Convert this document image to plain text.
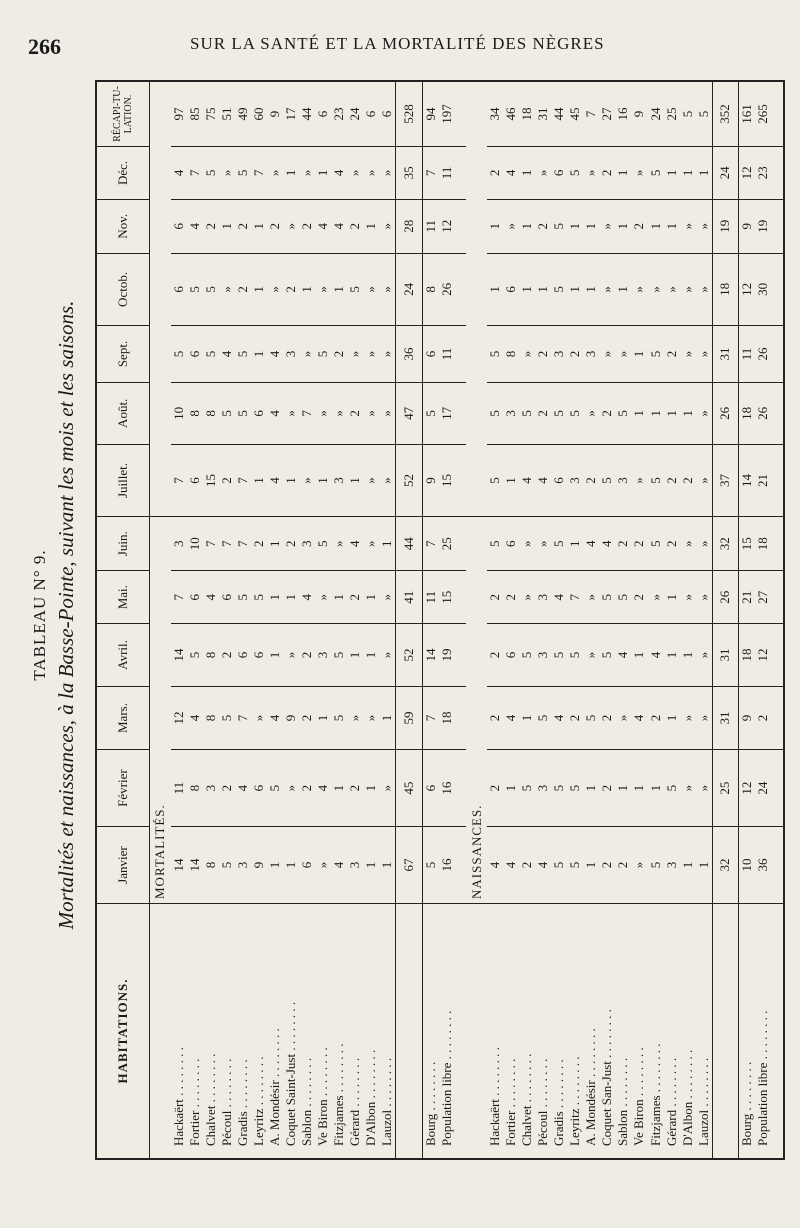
266	SUR LA SANTÉ ET LA MORTALITÉ DES NÈGRES
TABLEAU N° 9. Mortalités et naissances, à la Basse-Pointe, suivant les mois et les saisons.
HABITATIONS.	Janvier	Février	Mars.	Avril.	Mai.	Juin.	Juillet.	Août.	Sept.	Octob.	Nov.	Déc.	RÉCAPI-TU-LATION.
	MORTALITÉS.												
Hackaërt . . . . . . . .	14	11	12	14	7	3	7	10	5	6	6	4	97
Fortier . . . . . . . .	14	8	4	5	6	10	6	8	6	5	4	7	85
Chalvet . . . . . . . .	8	3	8	8	4	7	15	8	5	5	2	5	75
Pécoul . . . . . . . .	5	2	5	2	6	7	2	5	4	»	1	»	51
Gradis . . . . . . . .	3	4	7	6	5	7	7	5	5	2	2	5	49
Leyritz . . . . . . . .	9	6	»	6	5	2	1	6	1	1	1	7	60
A. Mondésir . . . . . . . .	1	5	4	1	1	1	4	4	4	»	2	»	9
Coquet Saint-Just . . . . . . . .	1	»	9	»	1	2	1	»	3	2	»	1	17
Sablon . . . . . . . .	6	2	2	2	4	3	»	7	»	1	2	»	44
Ve Biron . . . . . . . .	»	4	1	3	»	5	1	»	5	»	4	1	6
Fitzjames . . . . . . . .	4	1	5	5	1	»	3	»	2	1	4	4	23
Gérard . . . . . . . .	3	2	»	1	2	4	1	2	»	5	2	»	24
D'Albon . . . . . . . .	1	1	»	1	1	»	»	»	»	»	1	»	6
Lauzol . . . . . . . .	1	»	1	»	»	1	»	»	»	»	»	»	6
	67	45	59	52	41	44	52	47	36	24	28	35	528
Bourg . . . . . . . .	5	6	7	14	11	7	9	5	6	8	11	7	94
Population libre . . . . . . . .	16	16	18	19	15	25	15	17	11	26	12	11	197

	NAISSANCES.												
Hackaërt . . . . . . . .	4	2	2	2	2	5	5	5	5	1	1	2	34
Fortier . . . . . . . .	4	1	4	6	2	6	1	3	8	6	»	4	46
Chalvet . . . . . . . .	2	5	1	5	»	»	4	5	»	1	1	1	18
Pécoul . . . . . . . .	4	3	5	3	3	»	4	2	2	1	2	»	31
Gradis . . . . . . . .	5	5	4	5	4	5	6	5	3	5	5	6	44
Leyritz . . . . . . . .	5	5	2	5	7	1	3	5	2	1	1	5	45
A. Mondésir . . . . . . . .	1	1	5	»	»	4	2	»	3	1	1	»	7
Coquet San-Just . . . . . . . .	2	2	2	5	5	4	5	2	»	»	»	2	27
Sablon . . . . . . . .	2	1	»	4	5	2	3	5	»	1	1	1	16
Ve Biron . . . . . . . .	»	1	4	1	2	2	»	1	1	»	2	»	9
Fitzjames . . . . . . . .	5	1	2	4	»	5	5	1	5	»	1	5	24
Gérard . . . . . . . .	3	5	1	1	1	2	2	1	2	»	1	1	25
D'Albon . . . . . . . .	1	»	»	1	»	»	2	1	»	»	»	1	5
Lauzol . . . . . . . .	1	»	»	»	»	»	»	»	»	»	»	1	5
	32	25	31	31	26	32	37	26	31	18	19	24	352
Bourg . . . . . . . .	10	12	9	18	21	15	14	18	11	12	9	12	161
Population libre . . . . . . . .	36	24	2	12	27	18	21	26	26	30	19	23	265
